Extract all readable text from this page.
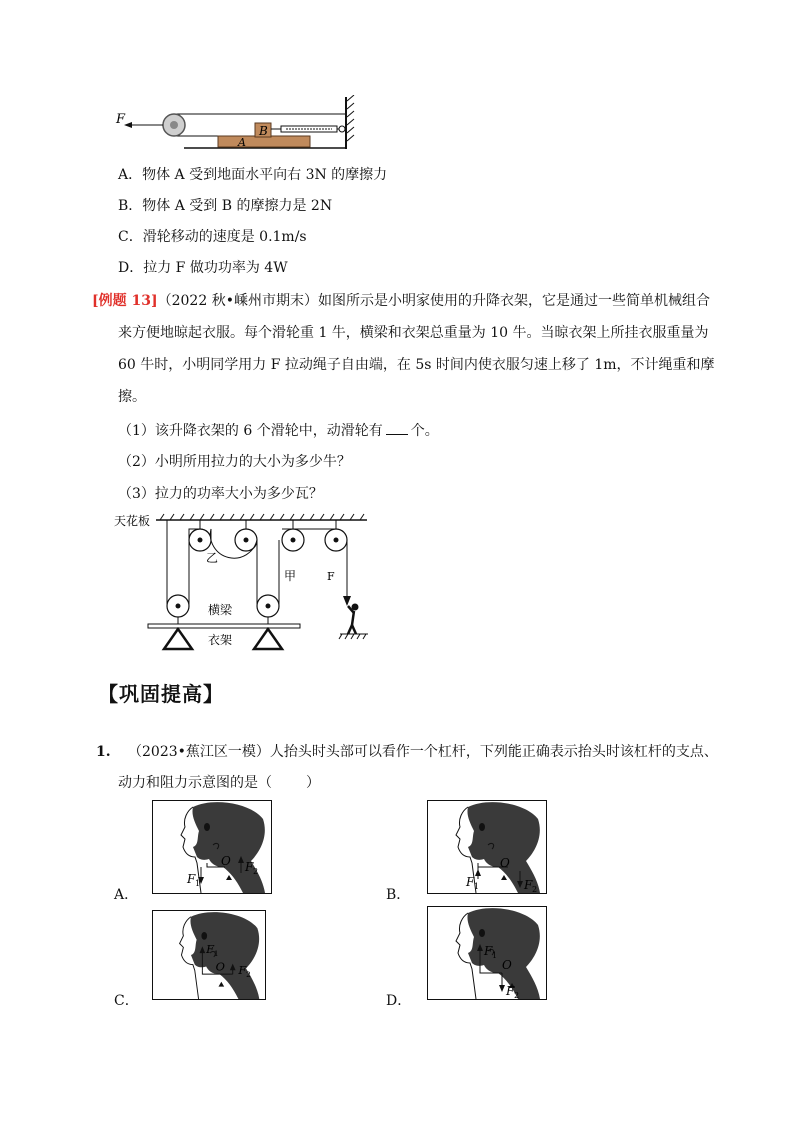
F
B
A
A．物体 A 受到地面水平向右 3N 的摩擦力
B．物体 A 受到 B 的摩擦力是 2N
C．滑轮移动的速度是 0.1m/s
D．拉力 F 做功功率为 4W
[例题 13]（2022 秋•嵊州市期末）如图所示是小明家使用的升降衣架，它是通过一些简单机械组合
来方便地晾起衣服。每个滑轮重 1 牛，横梁和衣架总重量为 10 牛。当晾衣架上所挂衣服重量为
60 牛时，小明同学用力 F 拉动绳子自由端，在 5s 时间内使衣服匀速上移了 1m，不计绳重和摩
擦。
（1）该升降衣架的 6 个滑轮中，动滑轮有 个。
（2）小明所用拉力的大小为多少牛？
（3）拉力的功率大小为多少瓦？
天花板
F
乙
甲
横梁
衣架
【巩固提高】
1. （2023•蕉江区一模）人抬头时头部可以看作一个杠杆，下列能正确表示抬头时该杠杆的支点、
动力和阻力示意图的是（ ）
A．	B．
C．	D．
O
F 1
F 2
O
F 1	F 2
O
F 1
F 2
O
F 1
F 2
